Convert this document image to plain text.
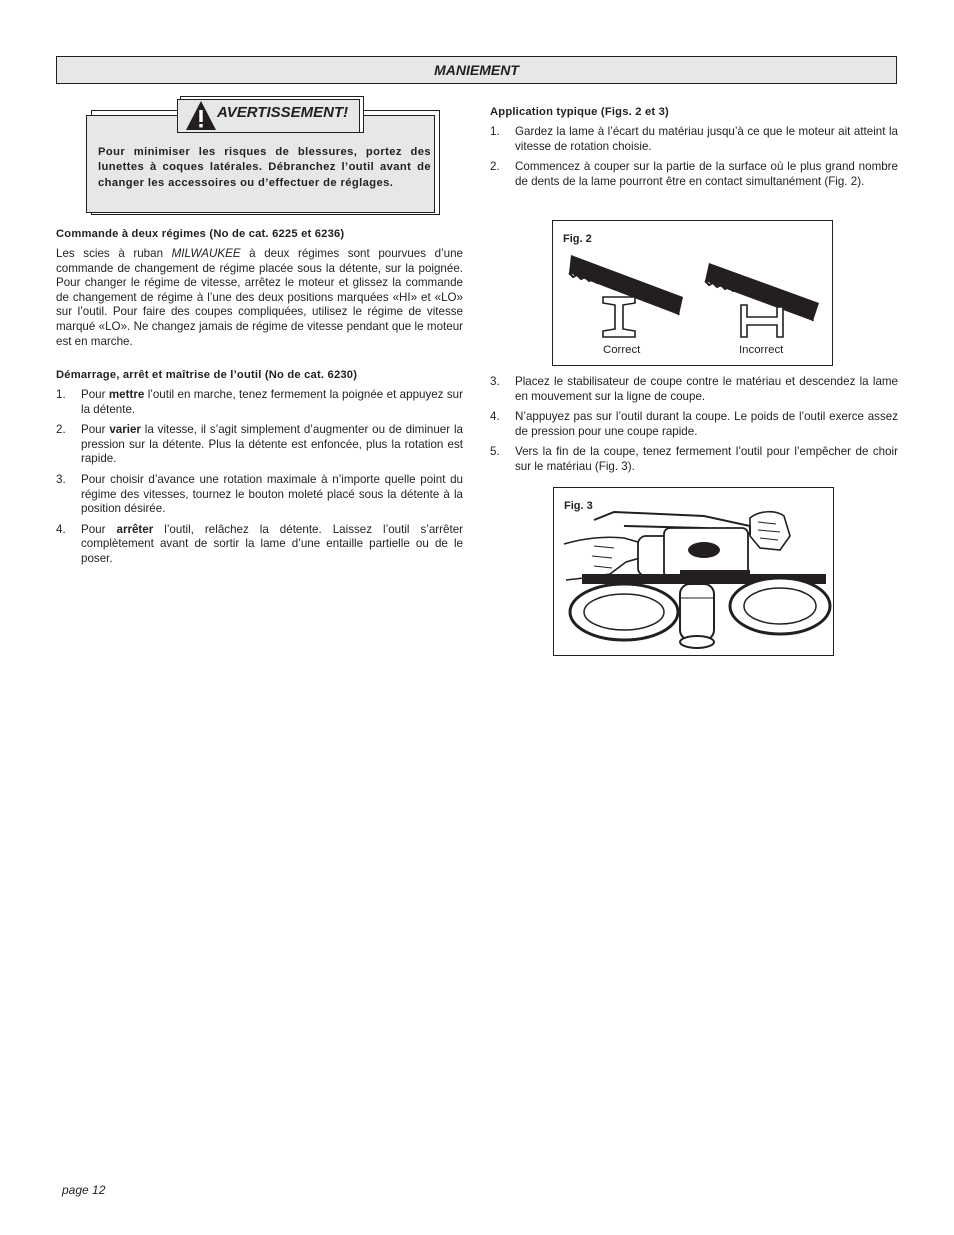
MANIEMENT
AVERTISSEMENT!
Pour minimiser les risques de blessures, portez des lunettes à coques latérales. Débranchez l’outil avant de changer les accessoires ou d’effectuer de réglages.

Commande à deux régimes (No de cat. 6225 et 6236)

Les scies à ruban MILWAUKEE à deux régimes sont pourvues d’une commande de changement de régime placée sous la détente, sur la poignée. Pour changer le régime de vitesse, arrêtez le moteur et glissez la commande de changement de régime à l’une des deux positions marquées «HI» et «LO» sur l’outil. Pour faire des coupes compliquées, utilisez le régime de vitesse marqué «LO». Ne changez jamais de régime de vitesse pendant que le moteur est en marche.

Démarrage, arrêt et maîtrise de l’outil (No de cat. 6230)

1. Pour mettre l’outil en marche, tenez fermement la poignée et appuyez sur la détente.
2. Pour varier la vitesse, il s’agit simplement d’augmenter ou de diminuer la pression sur la détente. Plus la détente est enfoncée, plus la rotation est rapide.
3. Pour choisir d’avance une rotation maximale à n’importe quelle point du régime des vitesses, tournez le bouton moleté placé sous la détente à la position désirée.
4. Pour arrêter l’outil, relâchez la détente. Laissez l’outil s’arrêter complètement avant de sortir la lame d’une entaille partielle ou de le poser.

Application typique (Figs. 2 et 3)

1. Gardez la lame à l’écart du matériau jusqu’à ce que le moteur ait atteint la vitesse de rotation choisie.
2. Commencez à couper sur la partie de la surface où le plus grand nombre de dents de la lame pourront être en contact simultanément (Fig. 2).
3. Placez le stabilisateur de coupe contre le matériau et descendez la lame en mouvement sur la ligne de coupe.
4. N’appuyez pas sur l’outil durant la coupe. Le poids de l’outil exerce assez de pression pour une coupe rapide.
5. Vers la fin de la coupe, tenez fermement l’outil pour l’empêcher de choir sur le matériau (Fig. 3).
Fig. 2
Correct	Incorrect
Fig. 3
page 12
